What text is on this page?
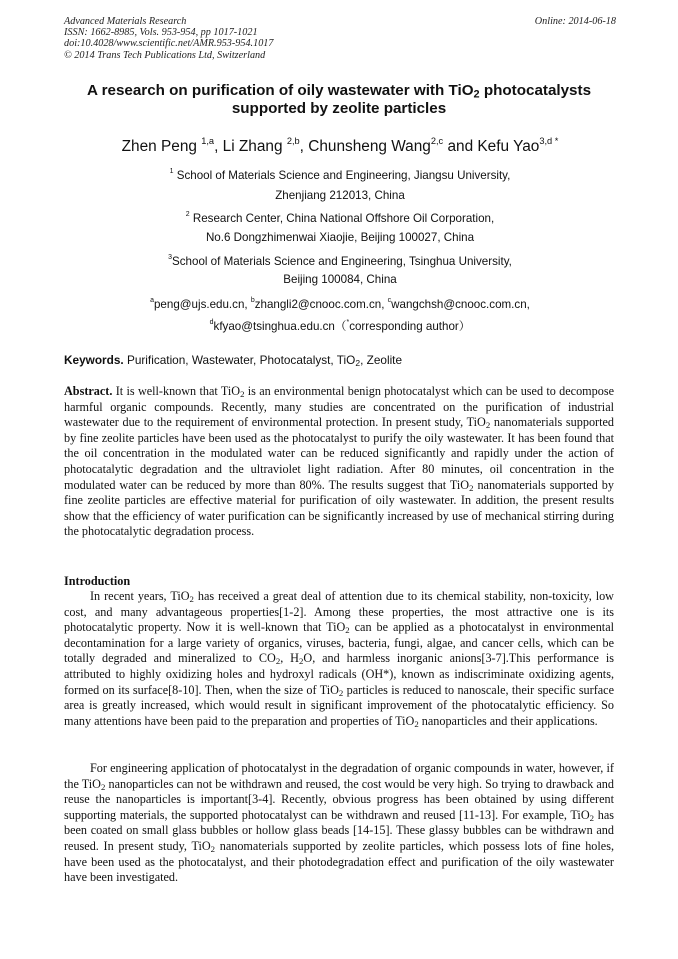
Advanced Materials Research
ISSN: 1662-8985, Vols. 953-954, pp 1017-1021
doi:10.4028/www.scientific.net/AMR.953-954.1017
© 2014 Trans Tech Publications Ltd, Switzerland
Online: 2014-06-18
A research on purification of oily wastewater with TiO$_2$ photocatalysts
supported by zeolite particles
Zhen Peng $^{1,a}$, Li Zhang $^{2,b}$, Chunsheng Wang$^{2,c}$ and Kefu Yao$^{3,d *}$
$^1$ School of Materials Science and Engineering, Jiangsu University,
Zhenjiang 212013, China
$^2$ Research Center, China National Offshore Oil Corporation,
No.6 Dongzhimenwai Xiaojie, Beijing 100027, China
$^3$School of Materials Science and Engineering, Tsinghua University,
Beijing 100084, China
$^a$peng@ujs.edu.cn, $^b$zhangli2@cnooc.com.cn, $^c$wangchsh@cnooc.com.cn,
$^d$kfyao@tsinghua.edu.cn（*corresponding author）
Keywords. Purification, Wastewater, Photocatalyst, TiO$_2$, Zeolite
Abstract. It is well-known that TiO$_2$ is an environmental benign photocatalyst which can be used to decompose harmful organic compounds. Recently, many studies are concentrated on the purification of industrial wastewater due to the requirement of environmental protection. In present study, TiO$_2$ nanomaterials supported by fine zeolite particles have been used as the photocatalyst to purify the oily wastewater. It has been found that the oil concentration in the modulated water can be reduced significantly and rapidly under the action of photocatalytic degradation and the ultraviolet light radiation. After 80 minutes, oil concentration in the modulated water can be reduced by more than 80%. The results suggest that TiO$_2$ nanomaterials supported by fine zeolite particles are effective material for purification of oily wastewater. In addition, the present results show that the efficiency of water purification can be significantly increased by use of mechanical stirring during the photocatalytic degradation process.
Introduction
In recent years, TiO$_2$ has received a great deal of attention due to its chemical stability, non-toxicity, low cost, and many advantageous properties[1-2]. Among these properties, the most attractive one is its photocatalytic property. Now it is well-known that TiO$_2$ can be applied as a photocatalyst in environmental decontamination for a large variety of organics, viruses, bacteria, fungi, algae, and cancer cells, which can be totally degraded and mineralized to $CO_2$, $H_2O$, and harmless inorganic anions[3-7].This performance is attributed to highly oxidizing holes and hydroxyl radicals (OH*), known as indiscriminate oxidizing agents, formed on its surface[8-10]. Then, when the size of TiO$_2$ particles is reduced to nanoscale, their specific surface area is greatly increased, which would result in significant improvement of the photocatalytic efficiency. So many attentions have been paid to the preparation and properties of TiO$_2$ nanoparticles and their applications.
For engineering application of photocatalyst in the degradation of organic compounds in water, however, if the TiO$_2$ nanoparticles can not be withdrawn and reused, the cost would be very high. So trying to drawback and reuse the nanoparticles is important[3-4]. Recently, obvious progress has been obtained by using different supporting materials, the supported photocatalyst can be withdrawn and reused [11-13]. For example, TiO$_2$ has been coated on small glass bubbles or hollow glass beads [14-15]. These glassy bubbles can be withdrawn and reused. In present study, TiO$_2$ nanomaterials supported by zeolite particles, which possess lots of fine holes, have been used as the photocatalyst, and their photodegradation effect and purification of the oily wastewater have been investigated.
